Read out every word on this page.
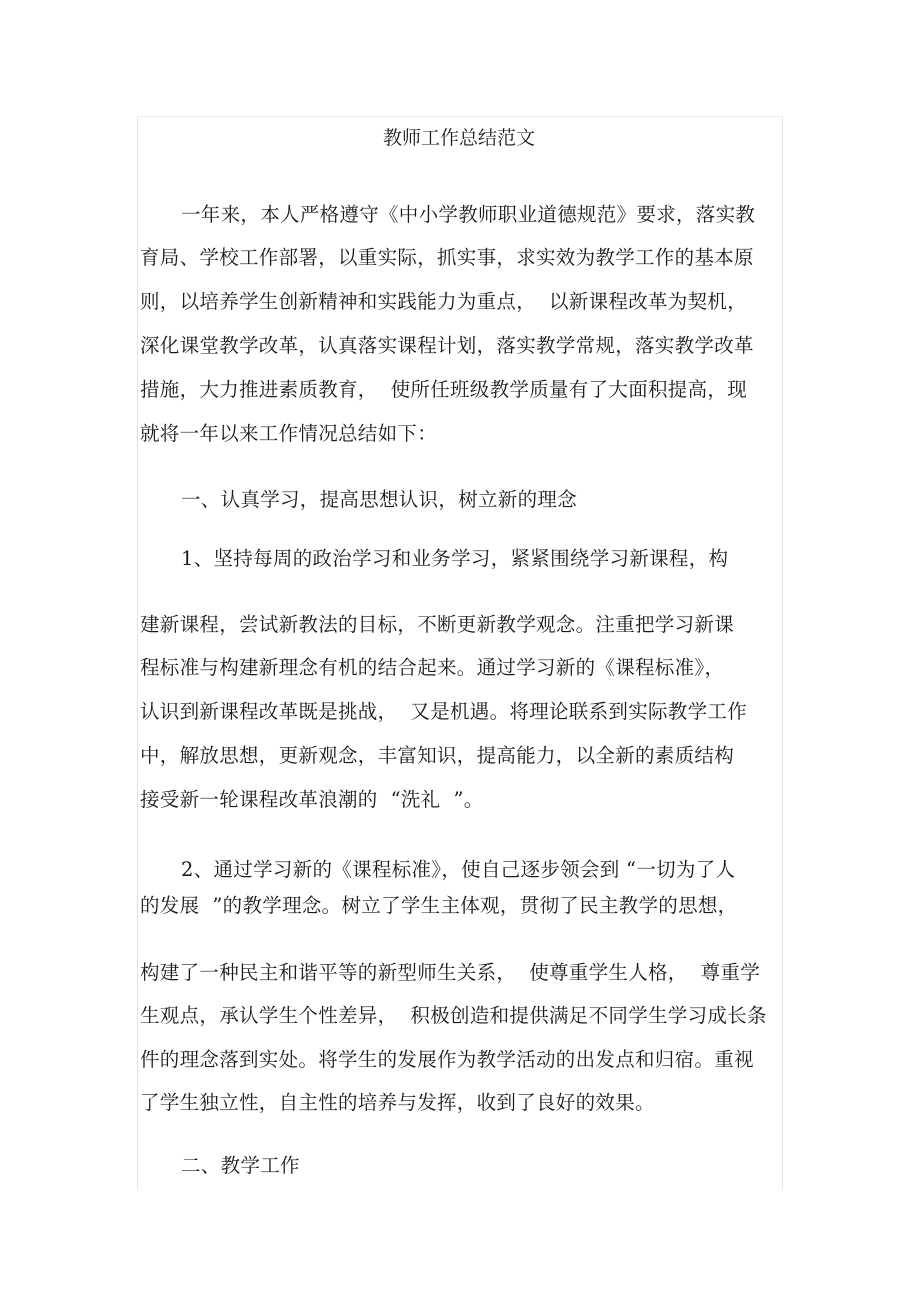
教师工作总结范文
一年来，本人严格遵守《中小学教师职业道德规范》要求，落实教
育局、学校工作部署，以重实际，抓实事，求实效为教学工作的基本原
则，以培养学生创新精神和实践能力为重点，  以新课程改革为契机，
深化课堂教学改革，认真落实课程计划，落实教学常规，落实教学改革
措施，大力推进素质教育，  使所任班级教学质量有了大面积提高，现
就将一年以来工作情况总结如下：
一、认真学习，提高思想认识，树立新的理念
1、坚持每周的政治学习和业务学习，紧紧围绕学习新课程，构
建新课程，尝试新教法的目标，不断更新教学观念。注重把学习新课
程标准与构建新理念有机的结合起来。通过学习新的《课程标准》，
认识到新课程改革既是挑战，  又是机遇。将理论联系到实际教学工作
中，解放思想，更新观念，丰富知识，提高能力，以全新的素质结构
接受新一轮课程改革浪潮的  “洗礼  ”。
2、通过学习新的《课程标准》，使自己逐步领会到 “一切为了人
的发展  ”的教学理念。树立了学生主体观，贯彻了民主教学的思想，
构建了一种民主和谐平等的新型师生关系，  使尊重学生人格，  尊重学
生观点，承认学生个性差异，  积极创造和提供满足不同学生学习成长条
件的理念落到实处。将学生的发展作为教学活动的出发点和归宿。重视
了学生独立性，自主性的培养与发挥，收到了良好的效果。
二、教学工作
